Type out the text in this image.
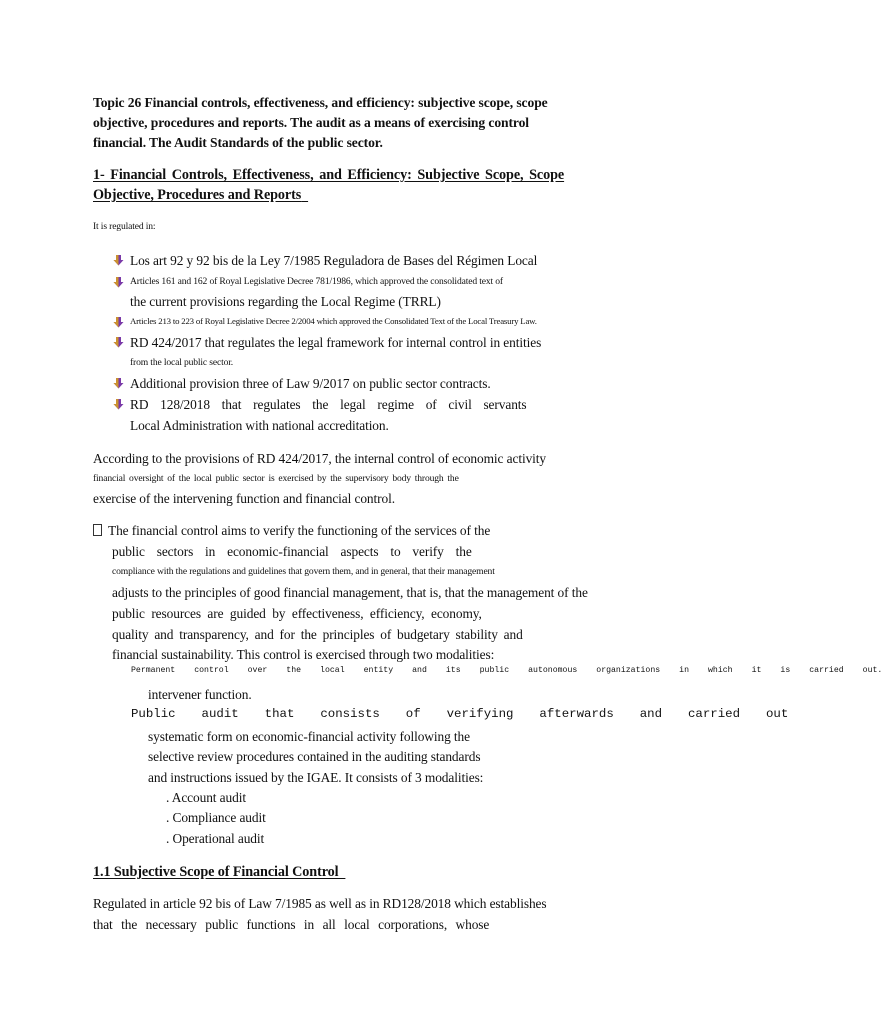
Topic 26 Financial controls, effectiveness, and efficiency: subjective scope, scope
objective, procedures and reports. The audit as a means of exercising control
financial. The Audit Standards of the public sector.
1- Financial Controls, Effectiveness, and Efficiency: Subjective Scope, Scope
Objective, Procedures and Reports
It is regulated in:
Los art 92 y 92 bis de la Ley 7/1985 Reguladora de Bases del Régimen Local
Articles 161 and 162 of Royal Legislative Decree 781/1986, which approved the consolidated text of
the current provisions regarding the Local Regime (TRRL)
Articles 213 to 223 of Royal Legislative Decree 2/2004 which approved the Consolidated Text of the Local Treasury Law.
RD 424/2017 that regulates the legal framework for internal control in entities
from the local public sector.
Additional provision three of Law 9/2017 on public sector contracts.
RD 128/2018 that regulates the legal regime of civil servants
Local Administration with national accreditation.
According to the provisions of RD 424/2017, the internal control of economic activity
financial oversight of the local public sector is exercised by the supervisory body through the
exercise of the intervening function and financial control.
The financial control aims to verify the functioning of the services of the
public sectors in economic-financial aspects to verify the
compliance with the regulations and guidelines that govern them, and in general, that their management
adjusts to the principles of good financial management, that is, that the management of the
public resources are guided by effectiveness, efficiency, economy,
quality and transparency, and for the principles of budgetary stability and
financial sustainability. This control is exercised through two modalities:
Permanent control over the local entity and its public autonomous organizations in which it is carried out.
intervener function.
Public audit that consists of verifying afterwards and carried out
systematic form on economic-financial activity following the
selective review procedures contained in the auditing standards
and instructions issued by the IGAE. It consists of 3 modalities:
. Account audit
. Compliance audit
. Operational audit
1.1 Subjective Scope of Financial Control
Regulated in article 92 bis of Law 7/1985 as well as in RD128/2018 which establishes
that the necessary public functions in all local corporations, whose
